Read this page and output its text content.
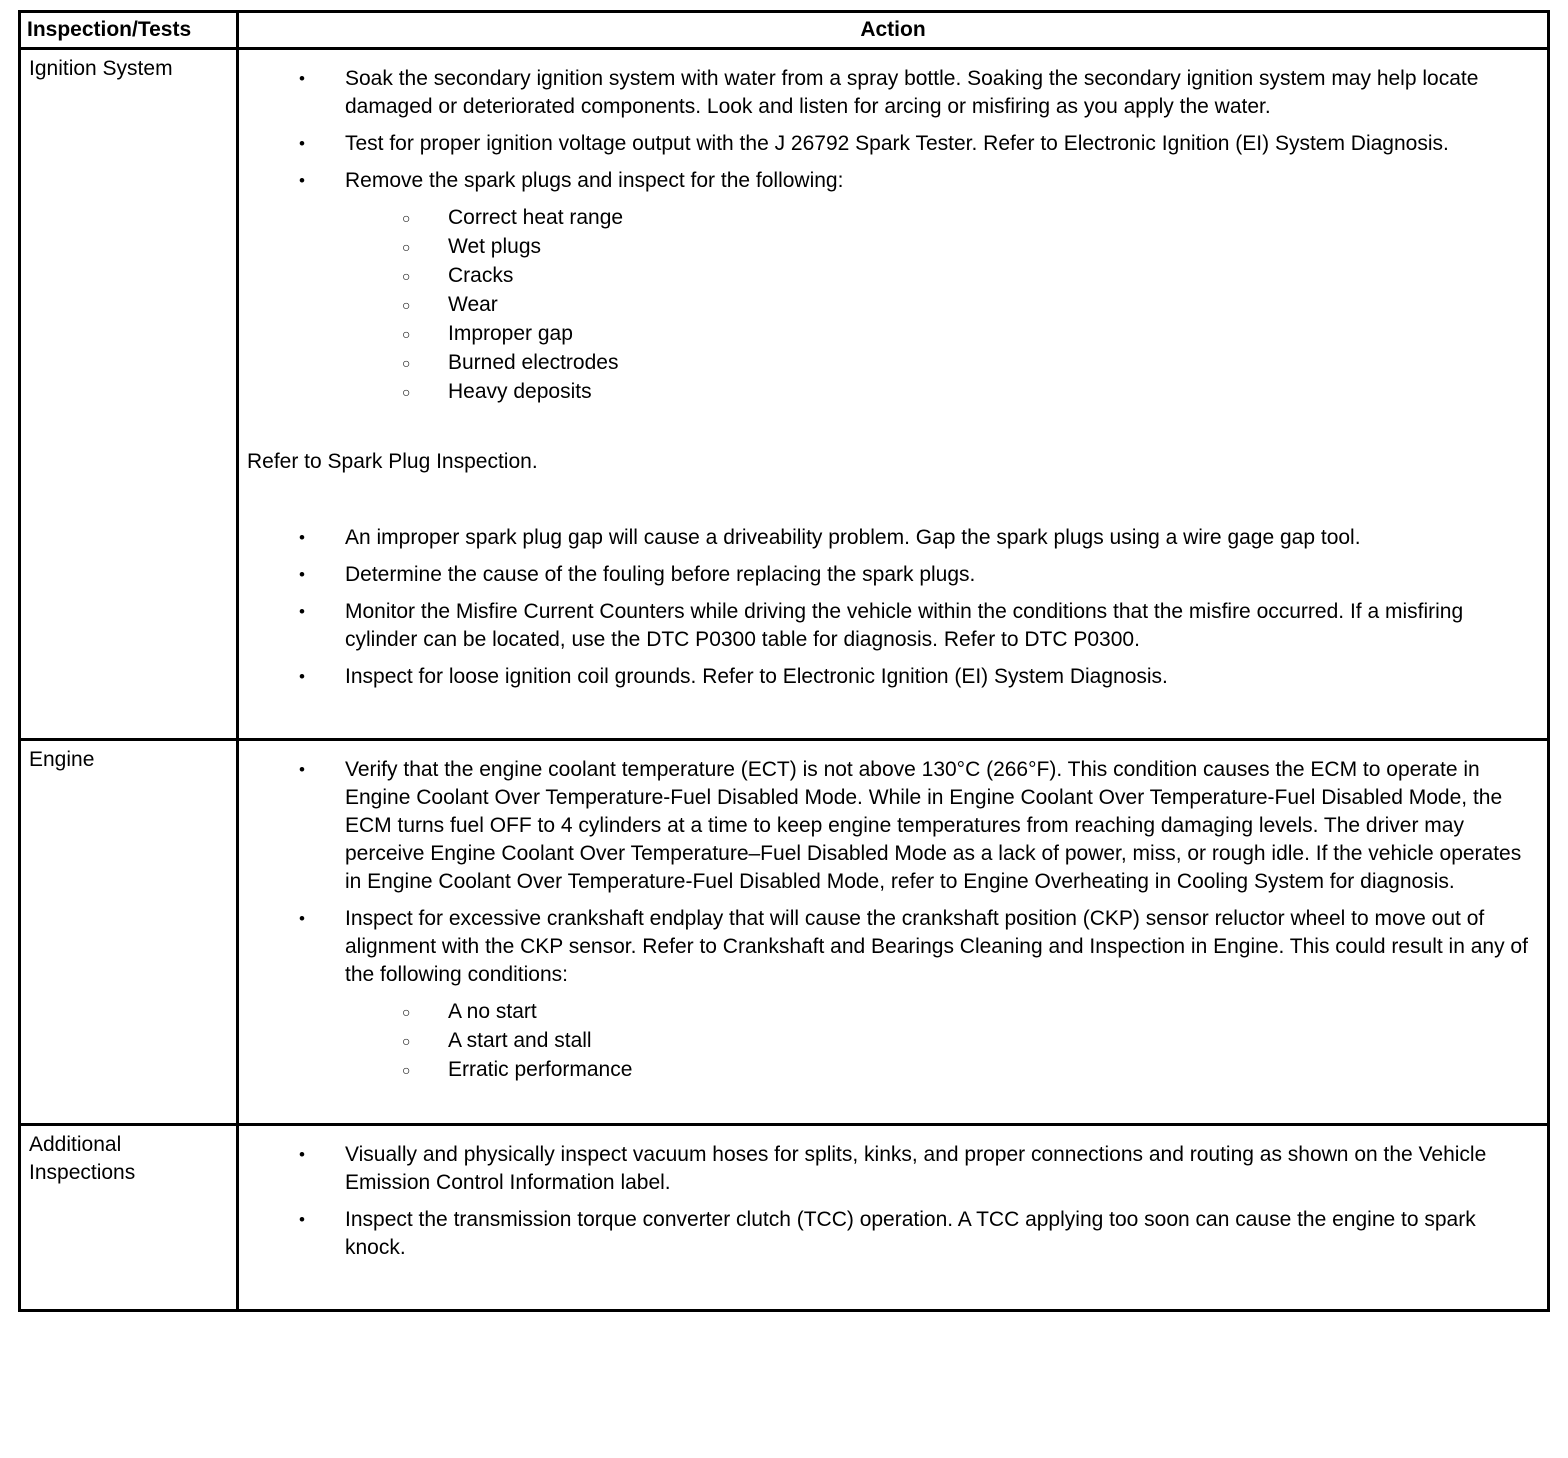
Inspection/Tests	Action
Ignition System	•	Soak the secondary ignition system with water from a spray bottle. Soaking the secondary ignition system may help locate damaged or deteriorated components. Look and listen for arcing or misfiring as you apply the water.
•	Test for proper ignition voltage output with the J 26792 Spark Tester. Refer to Electronic Ignition (EI) System Diagnosis.
•	Remove the spark plugs and inspect for the following:
○	Correct heat range
○	Wet plugs
○	Cracks
○	Wear
○	Improper gap
○	Burned electrodes
○	Heavy deposits
Refer to Spark Plug Inspection.
•	An improper spark plug gap will cause a driveability problem. Gap the spark plugs using a wire gage gap tool.
•	Determine the cause of the fouling before replacing the spark plugs.
•	Monitor the Misfire Current Counters while driving the vehicle within the conditions that the misfire occurred. If a misfiring cylinder can be located, use the DTC P0300 table for diagnosis. Refer to DTC P0300.
•	Inspect for loose ignition coil grounds. Refer to Electronic Ignition (EI) System Diagnosis.

Engine	•	Verify that the engine coolant temperature (ECT) is not above 130°C (266°F). This condition causes the ECM to operate in Engine Coolant Over Temperature-Fuel Disabled Mode. While in Engine Coolant Over Temperature-Fuel Disabled Mode, the ECM turns fuel OFF to 4 cylinders at a time to keep engine temperatures from reaching damaging levels. The driver may perceive Engine Coolant Over Temperature–Fuel Disabled Mode as a lack of power, miss, or rough idle. If the vehicle operates in Engine Coolant Over Temperature-Fuel Disabled Mode, refer to Engine Overheating in Cooling System for diagnosis.
•	Inspect for excessive crankshaft endplay that will cause the crankshaft position (CKP) sensor reluctor wheel to move out of alignment with the CKP sensor. Refer to Crankshaft and Bearings Cleaning and Inspection in Engine. This could result in any of the following conditions:
○	A no start
○	A start and stall
○	Erratic performance

Additional Inspections	• Visually and physically inspect vacuum hoses for splits, kinks, and proper connections and routing as shown on the Vehicle Emission Control Information label.
• Inspect the transmission torque converter clutch (TCC) operation. A TCC applying too soon can cause the engine to spark knock.
